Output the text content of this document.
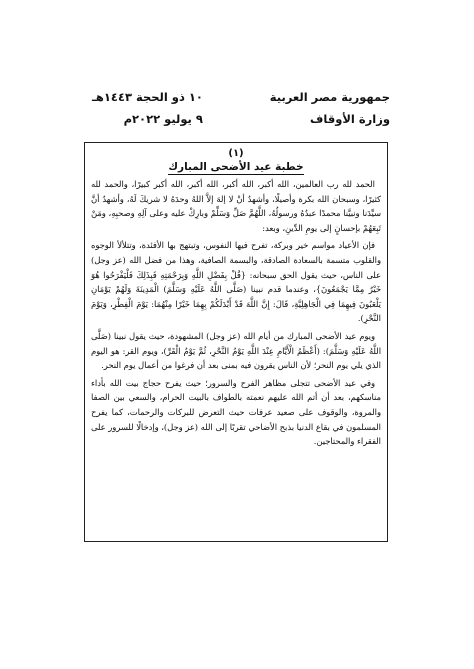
جمهورية مصر العربية
وزارة الأوقاف
١٠ ذو الحجة ١٤٤٣هـ
٩ يوليو ٢٠٢٢م
(١)
خطبة عيد الأضحى المبارك

الحمد لله رب العالمين، الله أكبر، الله أكبر، الله أكبر، الله أكبر كبيرًا، والحمد لله كثيرًا، وسبحان الله بكرة وأصيلًا، وأشهدُ أنْ لا إلهَ إلاَّ اللهُ وحدَهُ لا شريكَ لَهُ، وأشهدُ أنَّ سيِّدَنا ونبيَّنا محمدًا عبدُهُ ورسولُهُ، اللَّهُمَّ صَلِّ وَسَلِّمْ وبارِكْ عليه وعلى آلِهِ وصحبِهِ، ومَنْ تَبِعَهُمْ بإحسانٍ إلى يومِ الدِّينِ، وبعد:

فإن الأعياد مواسم خير وبركة، تفرح فيها النفوس، وتبتهج بها الأفئدة، وتتلألأ الوجوه والقلوب متسمة بالسعادة الصادقة، والبسمة الصافية، وهذا من فضل الله (عز وجل) على الناس، حيث يقول الحق سبحانه: {قُلْ بِفَضْلِ اللَّهِ وَبِرَحْمَتِهِ فَبِذَلِكَ فَلْيَفْرَحُوا هُوَ خَيْرٌ مِمَّا يَجْمَعُونَ}، وعندما قدم نبينا (صَلَّى اللَّهُ عَلَيْهِ وَسَلَّمَ) الْمَدِينَةَ وَلَهُمْ يَوْمَانِ يَلْعَبُونَ فِيهِمَا فِي الْجَاهِلِيَّةِ، قَالَ: إِنَّ اللَّهَ قَدْ أَبْدَلَكُمْ بِهِمَا خَيْرًا مِنْهُمَا: يَوْمَ الْفِطْرِ، وَيَوْمَ النَّحْرِ).

ويوم عيد الأضحى المبارك من أيام الله (عز وجل) المشهودة، حيث يقول نبينا (صَلَّى اللَّهُ عَلَيْهِ وَسَلَّمَ): (أَعْظَمُ الْأَيَّامِ عِنْدَ اللَّهِ يَوْمُ النَّحْرِ، ثُمَّ يَوْمُ الْقَرِّ)، ويوم القر: هو اليوم الذي يلي يوم النحر؛ لأن الناس يقرون فيه بمنى بعد أن فرغوا من أعمال يوم النحر.

وفي عيد الأضحى تتجلى مظاهر الفرح والسرور؛ حيث يفرح حجاج بيت الله بأداء مناسكهم، بعد أن أتم الله عليهم نعمته بالطواف بالبيت الحرام، والسعي بين الصفا والمروة، والوقوف على صعيد عرفات حيث التعرض للبركات والرحمات، كما يفرح المسلمون في بقاع الدنيا بذبح الأضاحي تقربًا إلى الله (عز وجل)، وإدخالًا للسرور على الفقراء والمحتاجين.
